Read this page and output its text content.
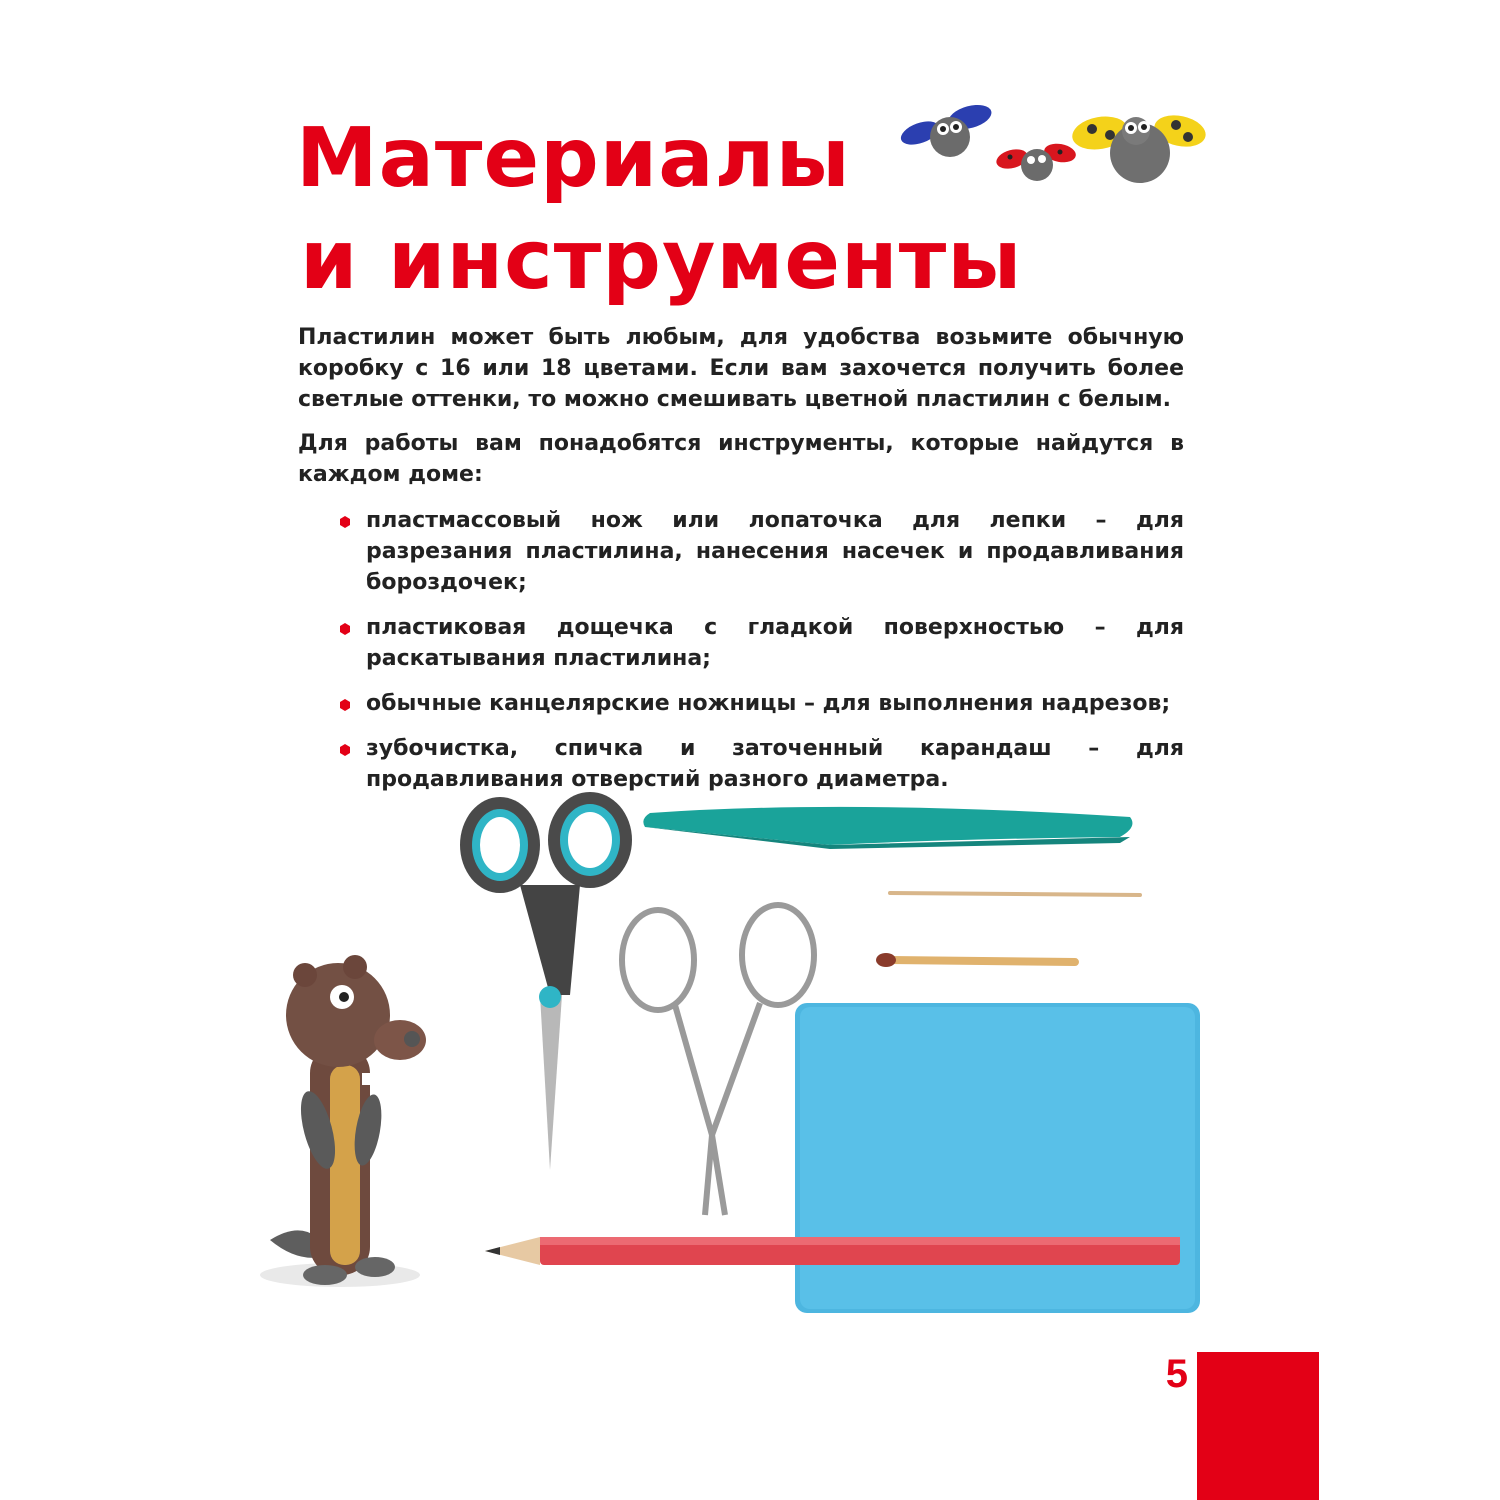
Материалы
и инструменты

Пластилин может быть любым, для удобства возьмите обычную коробку с 16 или 18 цветами. Если вам захочется получить более светлые оттенки, то можно смешивать цветной пластилин с белым.

Для работы вам понадобятся инструменты, которые найдутся в каждом доме:

пластмассовый нож или лопаточка для лепки – для разрезания пластилина, нанесения насечек и продавливания бороздочек;
пластиковая дощечка с гладкой поверхностью – для раскатывания пластилина;
обычные канцелярские ножницы – для выполнения надрезов;
зубочистка, спичка и заточенный карандаш – для продавливания отверстий разного диаметра.
5
